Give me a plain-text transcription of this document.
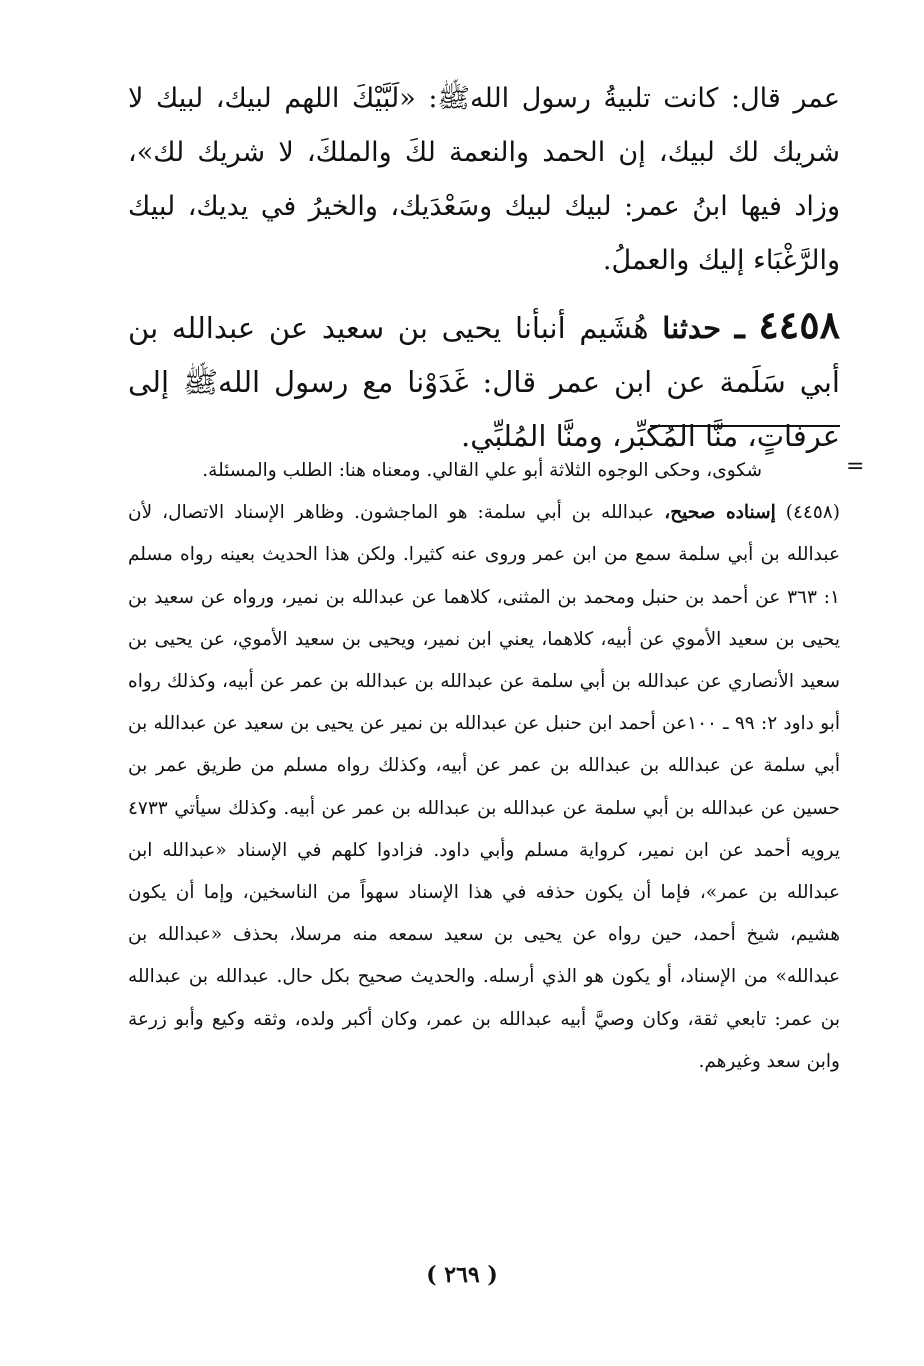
عمر قال: كانت تلبيةُ رسول اللهﷺ: «لَبَّيْكَ اللهم لبيك، لبيك لا شريك لك لبيك، إن الحمد والنعمة لكَ والملكَ، لا شريك لك»، وزاد فيها ابنُ عمر: لبيك لبيك وسَعْدَيك، والخيرُ في يديك، لبيك والرَّغْبَاء إليك والعملُ.

٤٤٥٨ ـ حدثنا هُشَيم أنبأنا يحيى بن سعيد عن عبدالله بن أبي سَلَمة عن ابن عمر قال: غَدَوْنا مع رسول اللهﷺ إلى عرفاتٍ، منَّا المُكبِّر، ومنَّا المُلبِّي.

=

شكوى، وحكى الوجوه الثلاثة أبو علي القالي. ومعناه هنا: الطلب والمسئلة.

(٤٤٥٨) إسناده صحيح، عبدالله بن أبي سلمة: هو الماجشون. وظاهر الإسناد الاتصال، لأن عبدالله بن أبي سلمة سمع من ابن عمر وروى عنه كثيرا. ولكن هذا الحديث بعينه رواه مسلم ١: ٣٦٣ عن أحمد بن حنبل ومحمد بن المثنى، كلاهما عن عبدالله بن نمير، ورواه عن سعيد بن يحيى بن سعيد الأموي عن أبيه، كلاهما، يعني ابن نمير، ويحيى بن سعيد الأموي، عن يحيى بن سعيد الأنصاري عن عبدالله بن أبي سلمة عن عبدالله بن عبدالله بن عمر عن أبيه، وكذلك رواه أبو داود ٢: ٩٩ ـ ١٠٠عن أحمد ابن حنبل عن عبدالله بن نمير عن يحيى بن سعيد عن عبدالله بن أبي سلمة عن عبدالله بن عبدالله بن عمر عن أبيه، وكذلك رواه مسلم من طريق عمر بن حسين عن عبدالله بن أبي سلمة عن عبدالله بن عبدالله بن عمر عن أبيه. وكذلك سيأتي ٤٧٣٣ يرويه أحمد عن ابن نمير، كرواية مسلم وأبي داود. فزادوا كلهم في الإسناد «عبدالله ابن عبدالله بن عمر»، فإما أن يكون حذفه في هذا الإسناد سهواً من الناسخين، وإما أن يكون هشيم، شيخ أحمد، حين رواه عن يحيى بن سعيد سمعه منه مرسلا، بحذف «عبدالله بن عبدالله» من الإسناد، أو يكون هو الذي أرسله. والحديث صحيح بكل حال. عبدالله بن عبدالله بن عمر: تابعي ثقة، وكان وصيَّ أبيه عبدالله بن عمر، وكان أكبر ولده، وثقه وكيع وأبو زرعة وابن سعد وغيرهم.

( ٢٦٩ )
